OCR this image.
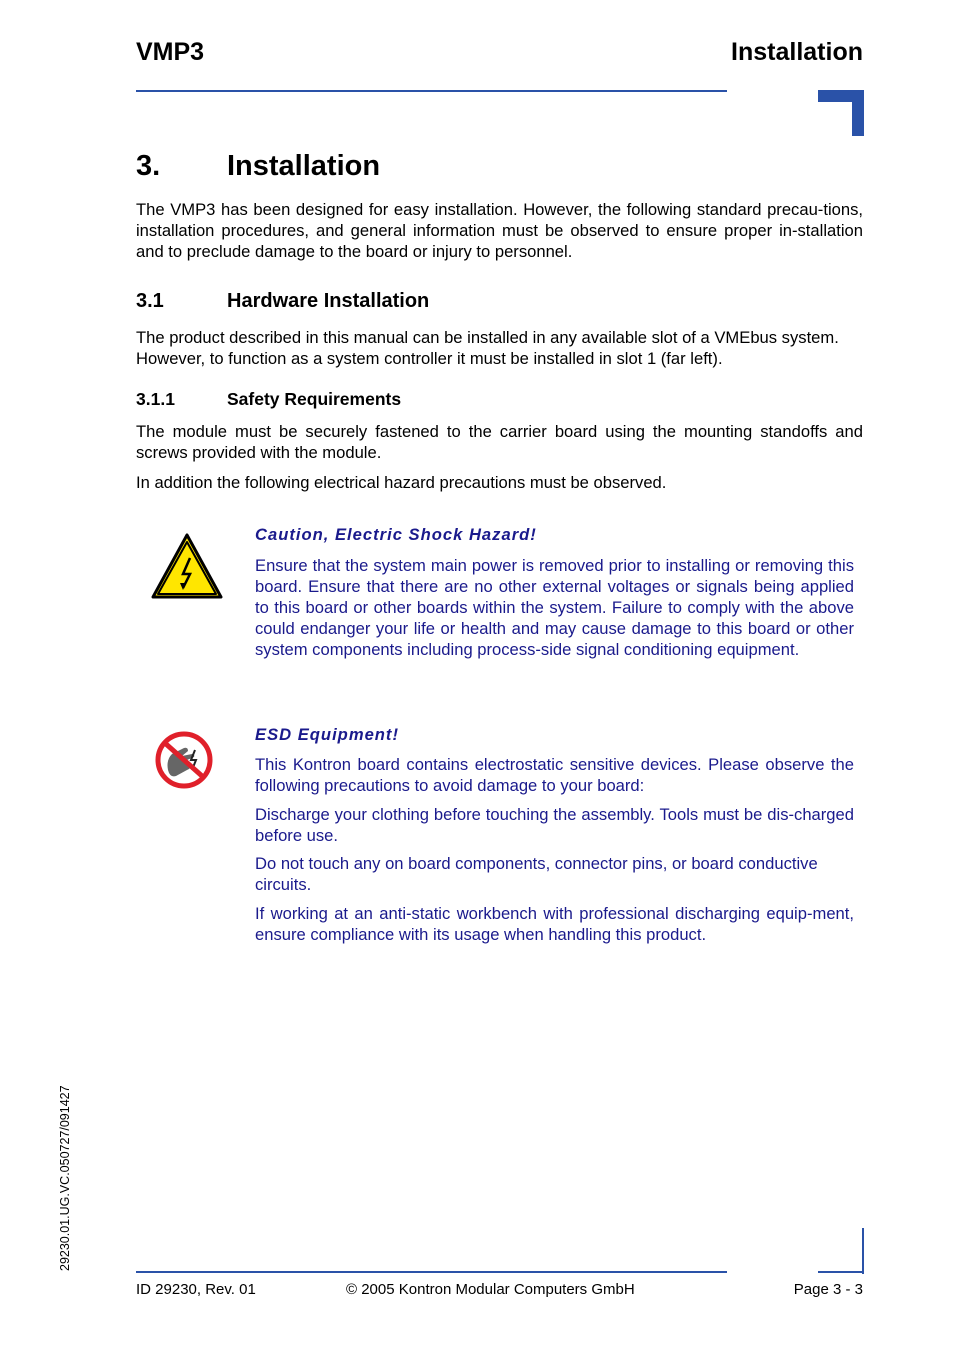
VMP3	Installation
3. Installation

The VMP3 has been designed for easy installation. However, the following standard precau-tions, installation procedures, and general information must be observed to ensure proper in-stallation and to preclude damage to the board or injury to personnel.

3.1	Hardware Installation

The product described in this manual can be installed in any available slot of a VMEbus system. However, to function as a system controller it must be installed in slot 1 (far left).

3.1.1	Safety Requirements

The module must be securely fastened to the carrier board using the mounting standoffs and screws provided with the module.

In addition the following electrical hazard precautions must be observed.

Caution, Electric Shock Hazard!

Ensure that the system main power is removed prior to installing or removing this board. Ensure that there are no other external voltages or signals being applied to this board or other boards within the system. Failure to comply with the above could endanger your life or health and may cause damage to this board or other system components including process-side signal conditioning equipment.

ESD Equipment!

This Kontron board contains electrostatic sensitive devices. Please observe the following precautions to avoid damage to your board:

Discharge your clothing before touching the assembly. Tools must be dis-charged before use.

Do not touch any on board components, connector pins, or board conductive circuits.

If working at an anti-static workbench with professional discharging equip-ment, ensure compliance with its usage when handling this product.

29230.01.UG.VC.050727/091427
ID 29230, Rev. 01	© 2005 Kontron Modular Computers GmbH	Page 3 - 3
